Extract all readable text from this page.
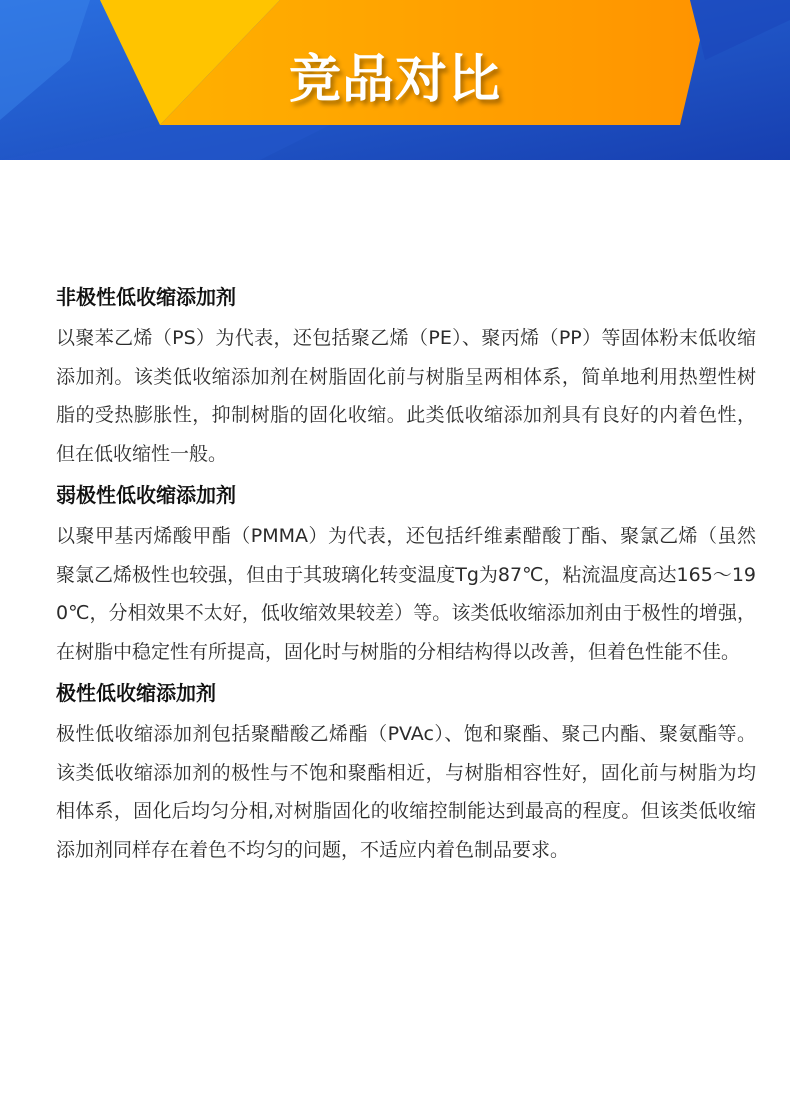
竞品对比
非极性低收缩添加剂
以聚苯乙烯（PS）为代表，还包括聚乙烯（PE）、聚丙烯（PP）等固体粉末低收缩添加剂。该类低收缩添加剂在树脂固化前与树脂呈两相体系，简单地利用热塑性树脂的受热膨胀性，抑制树脂的固化收缩。此类低收缩添加剂具有良好的内着色性，但在低收缩性一般。
弱极性低收缩添加剂
以聚甲基丙烯酸甲酯（PMMA）为代表，还包括纤维素醋酸丁酯、聚氯乙烯（虽然聚氯乙烯极性也较强，但由于其玻璃化转变温度Tg为87℃，粘流温度高达165～190℃，分相效果不太好，低收缩效果较差）等。该类低收缩添加剂由于极性的增强，在树脂中稳定性有所提高，固化时与树脂的分相结构得以改善，但着色性能不佳。
极性低收缩添加剂
极性低收缩添加剂包括聚醋酸乙烯酯（PVAc）、饱和聚酯、聚己内酯、聚氨酯等。该类低收缩添加剂的极性与不饱和聚酯相近，与树脂相容性好，固化前与树脂为均相体系，固化后均匀分相,对树脂固化的收缩控制能达到最高的程度。但该类低收缩添加剂同样存在着色不均匀的问题，不适应内着色制品要求。
